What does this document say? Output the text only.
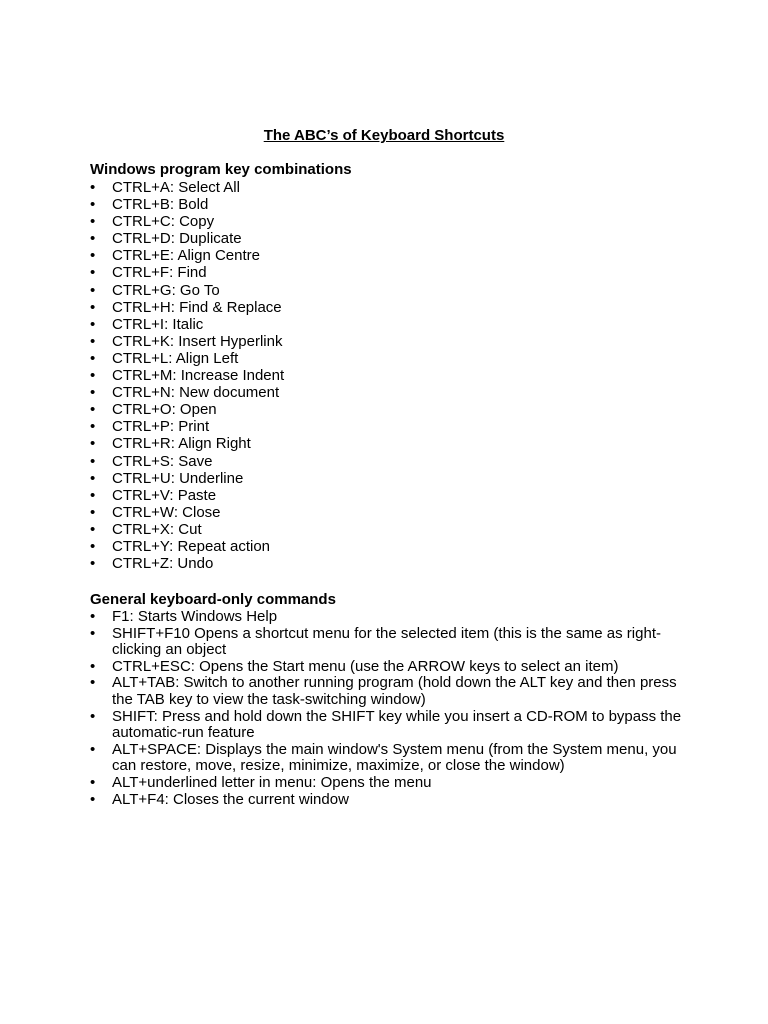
The ABC’s of Keyboard Shortcuts

Windows program key combinations

•	CTRL+A: Select All
•	CTRL+B: Bold
•	CTRL+C: Copy
•	CTRL+D: Duplicate
•	CTRL+E: Align Centre
•	CTRL+F: Find
•	CTRL+G: Go To
•	CTRL+H: Find & Replace
•	CTRL+I: Italic
•	CTRL+K: Insert Hyperlink
•	CTRL+L: Align Left
•	CTRL+M: Increase Indent
•	CTRL+N: New document
•	CTRL+O: Open
•	CTRL+P: Print
•	CTRL+R: Align Right
•	CTRL+S: Save
•	CTRL+U: Underline
•	CTRL+V: Paste
•	CTRL+W: Close
•	CTRL+X: Cut
•	CTRL+Y: Repeat action
•	CTRL+Z: Undo

General keyboard-only commands

•	F1: Starts Windows Help
•	SHIFT+F10 Opens a shortcut menu for the selected item (this is the same as right-clicking an object
•	CTRL+ESC: Opens the Start menu (use the ARROW keys to select an item)
•	ALT+TAB: Switch to another running program (hold down the ALT key and then press the TAB key to view the task-switching window)
•	SHIFT: Press and hold down the SHIFT key while you insert a CD-ROM to bypass the automatic-run feature
•	ALT+SPACE: Displays the main window's System menu (from the System menu, you can restore, move, resize, minimize, maximize, or close the window)
•	ALT+underlined letter in menu: Opens the menu
•	ALT+F4: Closes the current window
